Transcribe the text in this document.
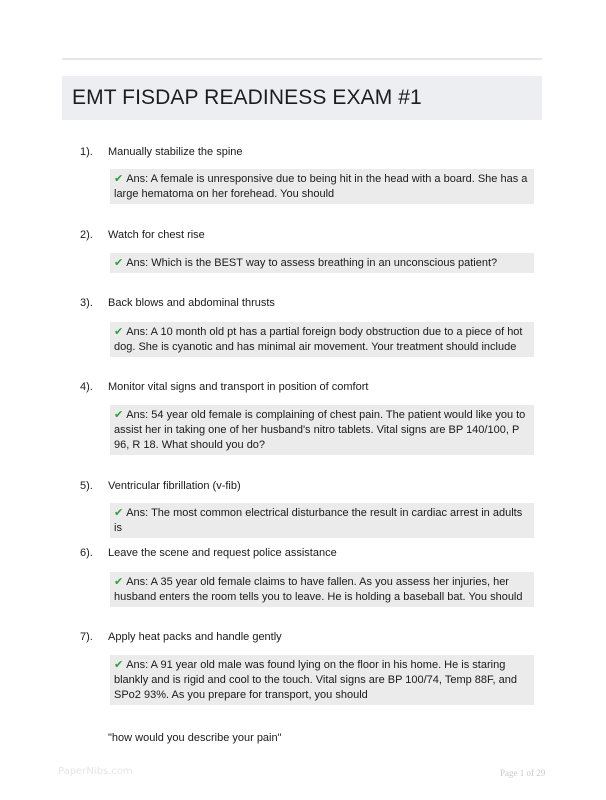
EMT FISDAP READINESS EXAM #1
1). Manually stabilize the spine
✔ Ans: A female is unresponsive due to being hit in the head with a board. She has a large hematoma on her forehead. You should
2). Watch for chest rise
✔ Ans: Which is the BEST way to assess breathing in an unconscious patient?
3). Back blows and abdominal thrusts
✔ Ans: A 10 month old pt has a partial foreign body obstruction due to a piece of hot dog. She is cyanotic and has minimal air movement. Your treatment should include
4). Monitor vital signs and transport in position of comfort
✔ Ans: 54 year old female is complaining of chest pain. The patient would like you to assist her in taking one of her husband's nitro tablets. Vital signs are BP 140/100, P 96, R 18. What should you do?
5). Ventricular fibrillation (v-fib)
✔ Ans: The most common electrical disturbance the result in cardiac arrest in adults is
6). Leave the scene and request police assistance
✔ Ans: A 35 year old female claims to have fallen. As you assess her injuries, her husband enters the room tells you to leave. He is holding a baseball bat. You should
7). Apply heat packs and handle gently
✔ Ans: A 91 year old male was found lying on the floor in his home. He is staring blankly and is rigid and cool to the touch. Vital signs are BP 100/74, Temp 88F, and SPo2 93%. As you prepare for transport, you should
"how would you describe your pain"
PaperNibs.com	Page 1 of 29
